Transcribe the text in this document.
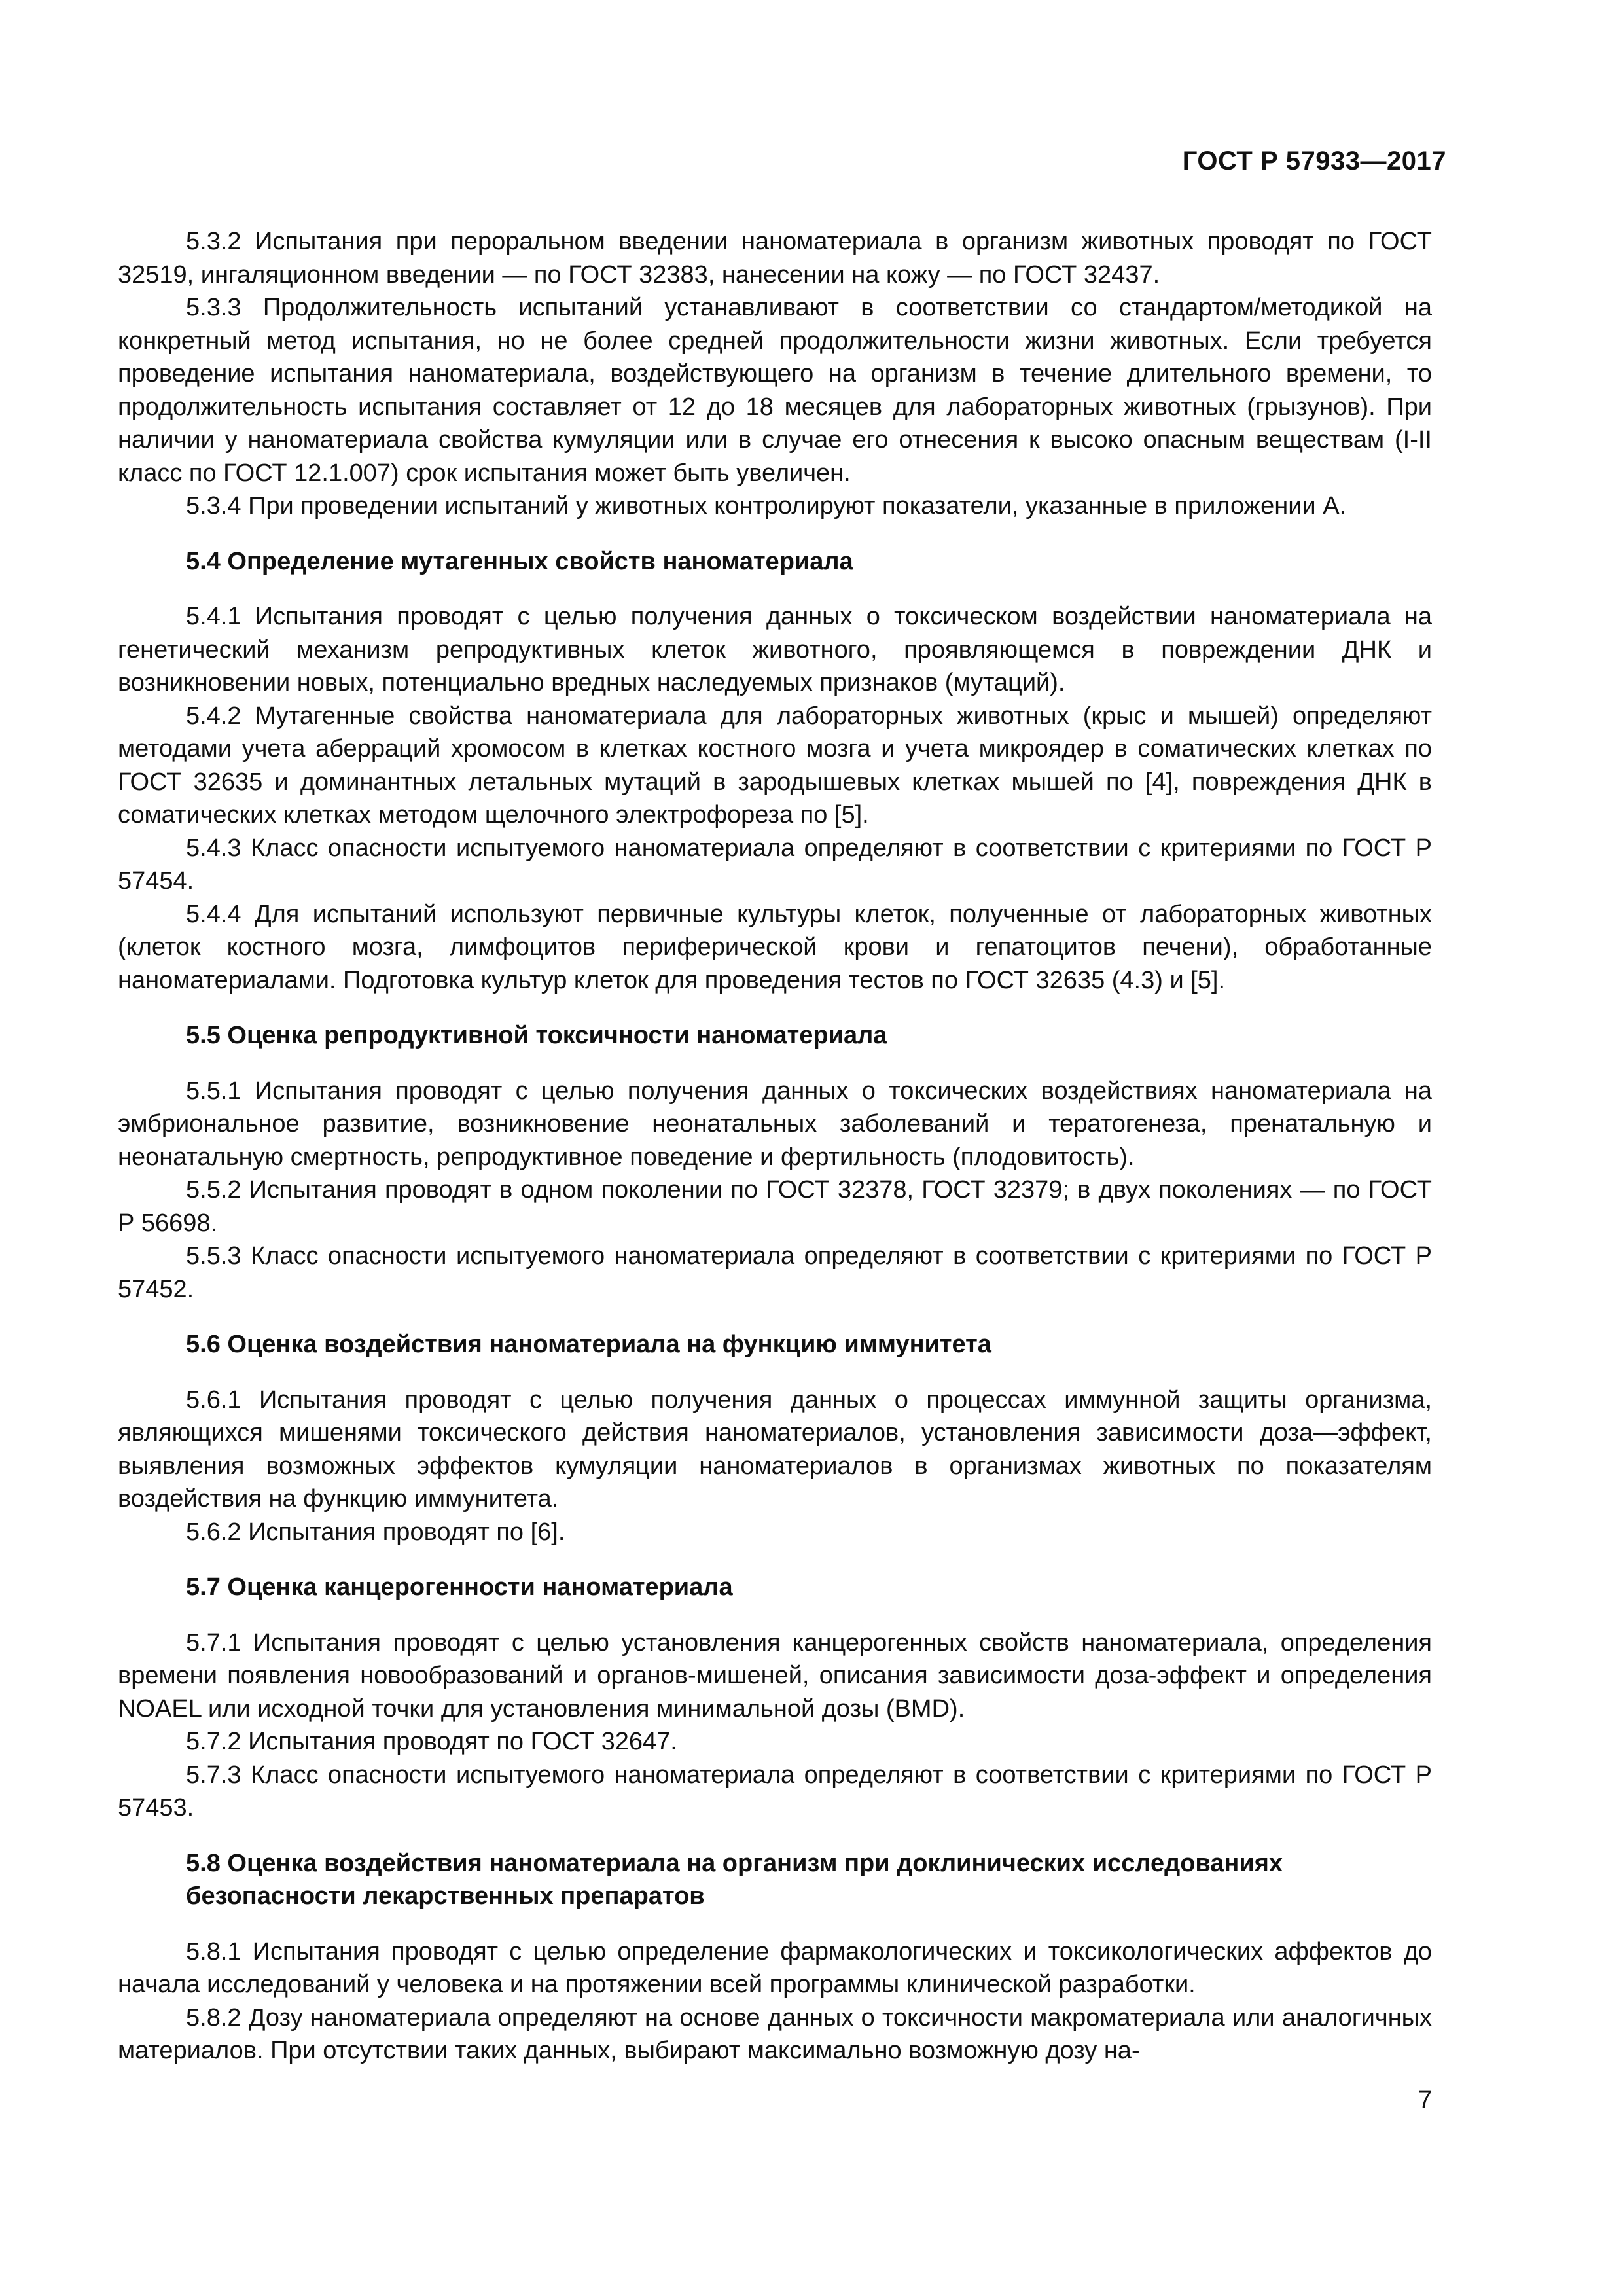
ГОСТ Р 57933—2017
5.3.2 Испытания при пероральном введении наноматериала в организм животных проводят по ГОСТ 32519, ингаляционном введении — по ГОСТ 32383, нанесении на кожу — по ГОСТ 32437.
5.3.3 Продолжительность испытаний устанавливают в соответствии со стандартом/методикой на конкретный метод испытания, но не более средней продолжительности жизни животных. Если требуется проведение испытания наноматериала, воздействующего на организм в течение длительного времени, то продолжительность испытания составляет от 12 до 18 месяцев для лабораторных животных (грызунов). При наличии у наноматериала свойства кумуляции или в случае его отнесения к высоко опасным веществам (I-II класс по ГОСТ 12.1.007) срок испытания может быть увеличен.
5.3.4 При проведении испытаний у животных контролируют показатели, указанные в приложении А.
5.4 Определение мутагенных свойств наноматериала
5.4.1 Испытания проводят с целью получения данных о токсическом воздействии наноматериала на генетический механизм репродуктивных клеток животного, проявляющемся в повреждении ДНК и возникновении новых, потенциально вредных наследуемых признаков (мутаций).
5.4.2 Мутагенные свойства наноматериала для лабораторных животных (крыс и мышей) определяют методами учета аберраций хромосом в клетках костного мозга и учета микроядер в соматических клетках по ГОСТ 32635 и доминантных летальных мутаций в зародышевых клетках мышей по [4], повреждения ДНК в соматических клетках методом щелочного электрофореза по [5].
5.4.3 Класс опасности испытуемого наноматериала определяют в соответствии с критериями по ГОСТ Р 57454.
5.4.4 Для испытаний используют первичные культуры клеток, полученные от лабораторных животных (клеток костного мозга, лимфоцитов периферической крови и гепатоцитов печени), обработанные наноматериалами. Подготовка культур клеток для проведения тестов по ГОСТ 32635 (4.3) и [5].
5.5 Оценка репродуктивной токсичности наноматериала
5.5.1 Испытания проводят с целью получения данных о токсических воздействиях наноматериала на эмбриональное развитие, возникновение неонатальных заболеваний и тератогенеза, пренатальную и неонатальную смертность, репродуктивное поведение и фертильность (плодовитость).
5.5.2 Испытания проводят в одном поколении по ГОСТ 32378, ГОСТ 32379; в двух поколениях — по ГОСТ Р 56698.
5.5.3 Класс опасности испытуемого наноматериала определяют в соответствии с критериями по ГОСТ Р 57452.
5.6 Оценка воздействия наноматериала на функцию иммунитета
5.6.1 Испытания проводят с целью получения данных о процессах иммунной защиты организма, являющихся мишенями токсического действия наноматериалов, установления зависимости доза—эффект, выявления возможных эффектов кумуляции наноматериалов в организмах животных по показателям воздействия на функцию иммунитета.
5.6.2 Испытания проводят по [6].
5.7 Оценка канцерогенности наноматериала
5.7.1 Испытания проводят с целью установления канцерогенных свойств наноматериала, определения времени появления новообразований и органов-мишеней, описания зависимости доза-эффект и определения NOAEL или исходной точки для установления минимальной дозы (BMD).
5.7.2 Испытания проводят по ГОСТ 32647.
5.7.3 Класс опасности испытуемого наноматериала определяют в соответствии с критериями по ГОСТ Р 57453.
5.8 Оценка воздействия наноматериала на организм при доклинических исследованиях безопасности лекарственных препаратов
5.8.1 Испытания проводят с целью определение фармакологических и токсикологических аффектов до начала исследований у человека и на протяжении всей программы клинической разработки.
5.8.2 Дозу наноматериала определяют на основе данных о токсичности макроматериала или аналогичных материалов. При отсутствии таких данных, выбирают максимально возможную дозу на-
7
